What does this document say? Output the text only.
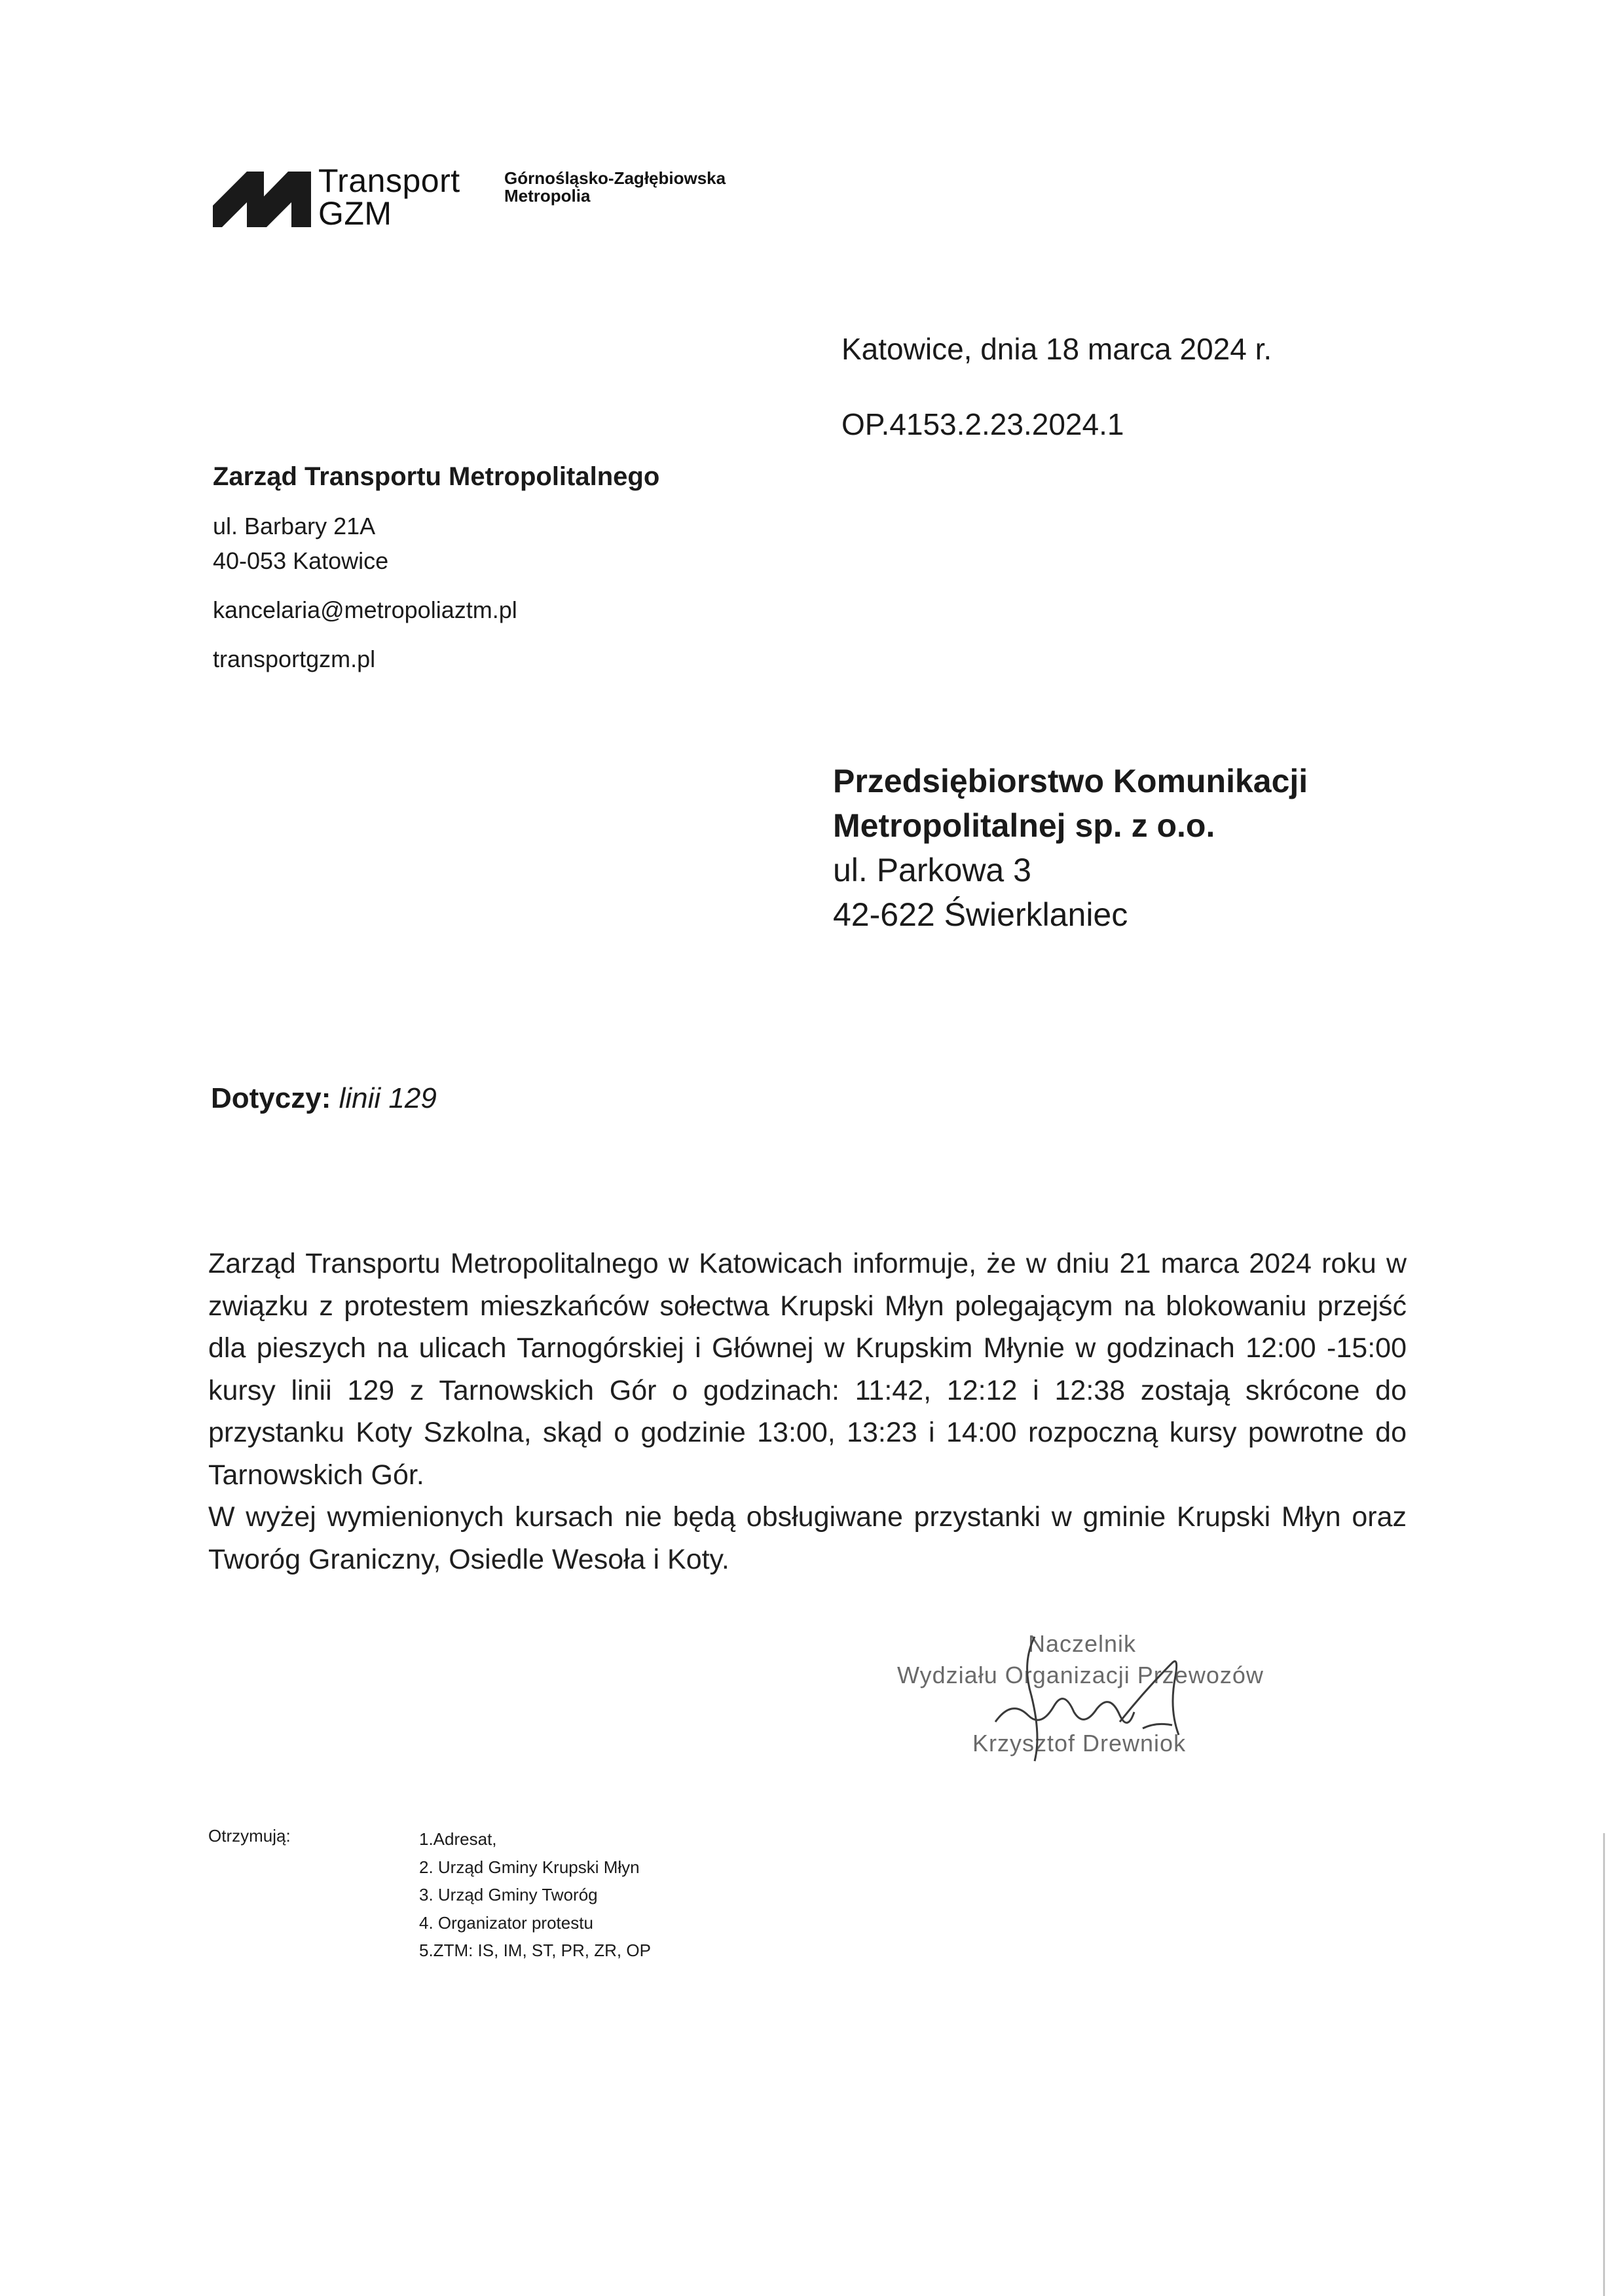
Transport
GZM
Górnośląsko-Zagłębiowska
Metropolia
Katowice, dnia 18 marca 2024 r.
OP.4153.2.23.2024.1
Zarząd Transportu Metropolitalnego
ul. Barbary 21A
40-053 Katowice
kancelaria@metropoliaztm.pl
transportgzm.pl
Przedsiębiorstwo Komunikacji
Metropolitalnej sp. z o.o.
ul. Parkowa 3
42-622 Świerklaniec
Dotyczy: linii 129

Zarząd Transportu Metropolitalnego w Katowicach informuje, że w dniu 21 marca 2024 roku w związku z protestem mieszkańców sołectwa Krupski Młyn polegającym na blokowaniu przejść dla pieszych na ulicach Tarnogórskiej i Głównej w Krupskim Młynie w godzinach 12:00 -15:00 kursy linii 129 z Tarnowskich Gór o godzinach: 11:42, 12:12 i 12:38 zostają skrócone do przystanku Koty Szkolna, skąd o godzinie 13:00, 13:23 i 14:00 rozpoczną kursy powrotne do Tarnowskich Gór.

W wyżej wymienionych kursach nie będą obsługiwane przystanki w gminie Krupski Młyn oraz Tworóg Graniczny, Osiedle Wesoła i Koty.

Naczelnik
Wydziału Organizacji Przewozów
Krzysztof Drewniok
Otrzymują:	1.Adresat,
2. Urząd Gminy Krupski Młyn
3. Urząd Gminy Tworóg
4. Organizator protestu
5.ZTM: IS, IM, ST, PR, ZR, OP
